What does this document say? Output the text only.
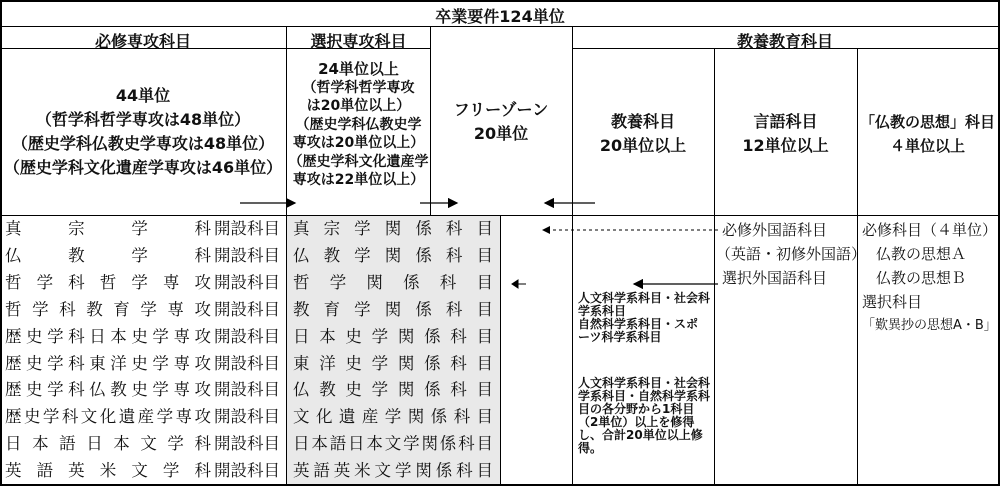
卒業要件124単位
必修専攻科目	選択専攻科目	教養教育科目
44単位
（哲学科哲学専攻は48単位）
（歴史学科仏教史学専攻は48単位）
（歴史学科文化遺産学専攻は46単位）
24単位以上
（哲学科哲学専攻
は20単位以上）
（歴史学科仏教史学
専攻は20単位以上）
（歴史学科文化遺産学
専攻は22単位以上）
フリーゾーン
20単位
教養科目
20単位以上
言語科目
12単位以上
「仏教の思想」科目
４単位以上
真宗学科 開設科目 真宗学関係科目
仏教学科 開設科目 仏教学関係科目
哲学科哲学専攻 開設科目 哲学関係科目
哲学科教育学専攻 開設科目 教育学関係科目
歴史学科日本史学専攻 開設科目 日本史学関係科目
歴史学科東洋史学専攻 開設科目 東洋史学関係科目
歴史学科仏教史学専攻 開設科目 仏教史学関係科目
歴史学科文化遺産学専攻 開設科目 文化遺産学関係科目
日本語日本文学科 開設科目 日本語日本文学関係科目
英語英米文学科 開設科目 英語英米文学関係科目
人文科学系科目・社会科学系科目
自然科学系科目・スポーツ科学系科目
人文科学系科目・社会科学系科目・自然科学系科目の各分野から1科目（2単位）以上を修得し、合計20単位以上修得。
必修外国語科目
（英語・初修外国語）
選択外国語科目
必修科目（４単位）
仏教の思想Ａ
仏教の思想Ｂ
選択科目
「歎異抄の思想A・B」
